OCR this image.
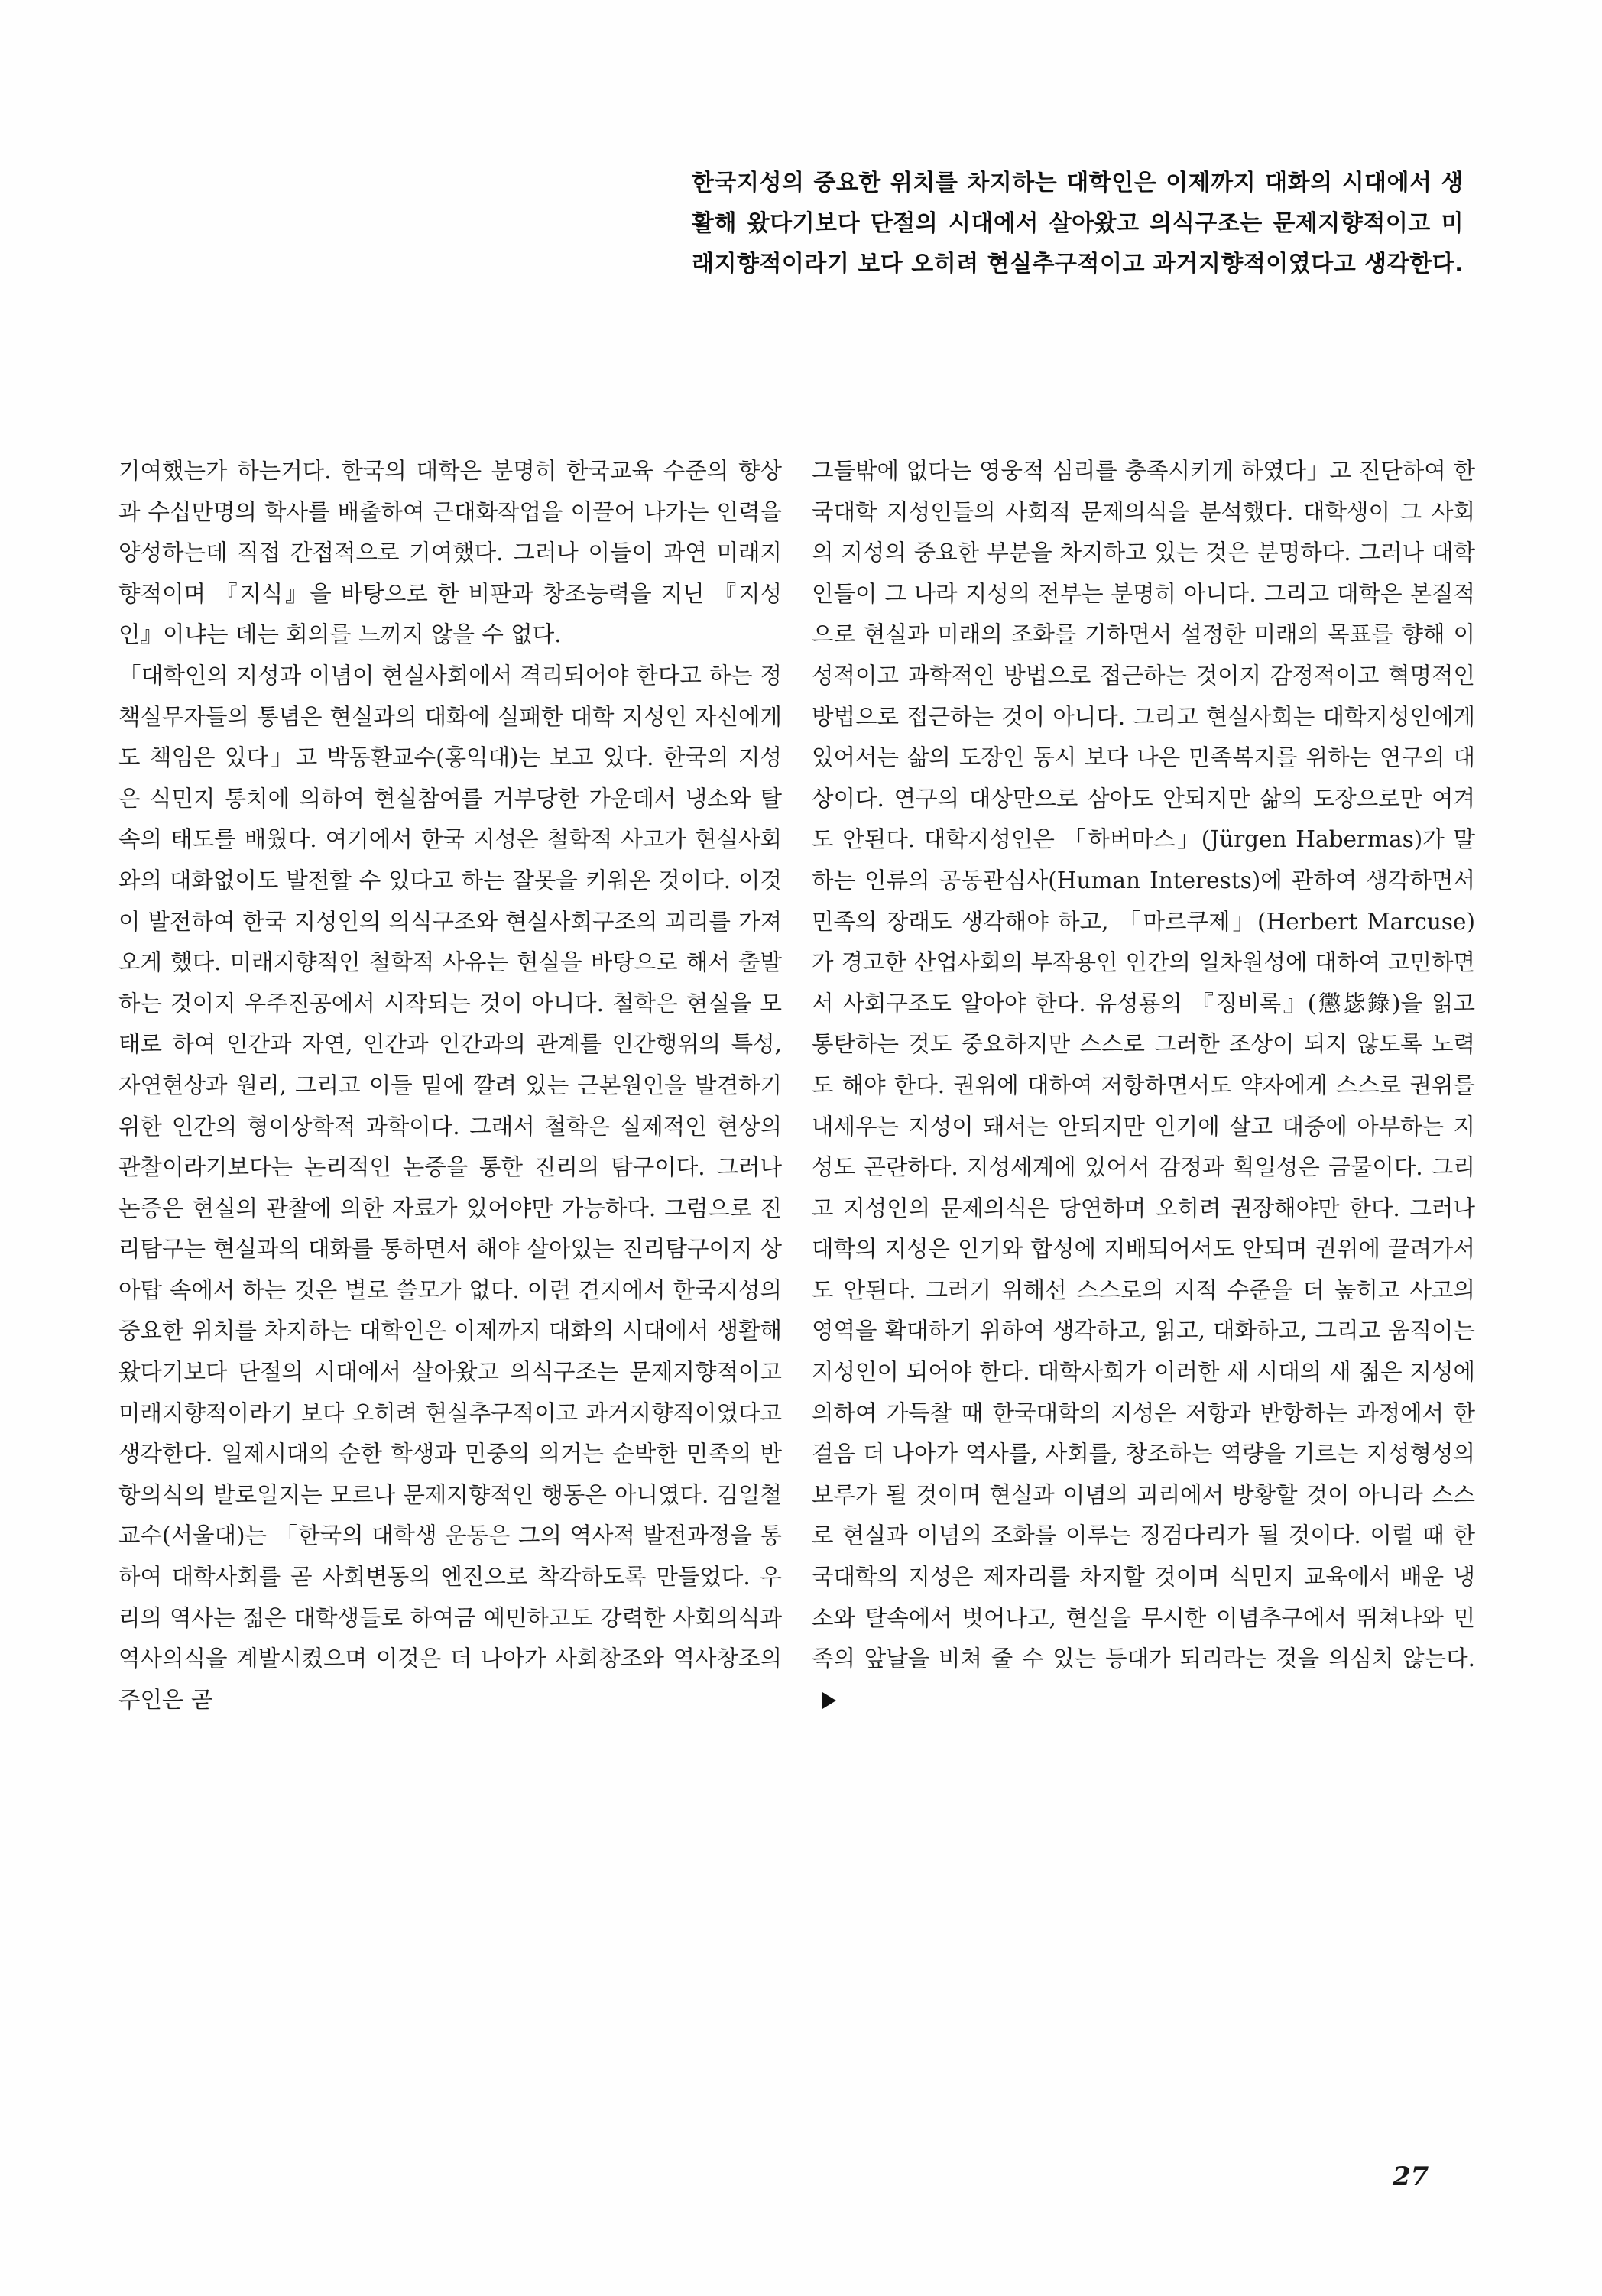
한국지성의 중요한 위치를 차지하는 대학인은 이제까지 대화의 시대에서 생활해 왔다기보다 단절의 시대에서 살아왔고 의식구조는 문제지향적이고 미래지향적이라기 보다 오히려 현실추구적이고 과거지향적이였다고 생각한다.

기여했는가 하는거다. 한국의 대학은 분명히 한국교육 수준의 향상과 수십만명의 학사를 배출하여 근대화작업을 이끌어 나가는 인력을 양성하는데 직접 간접적으로 기여했다. 그러나 이들이 과연 미래지향적이며 『지식』을 바탕으로 한 비판과 창조능력을 지닌 『지성인』이냐는 데는 회의를 느끼지 않을 수 없다.

「대학인의 지성과 이념이 현실사회에서 격리되어야 한다고 하는 정책실무자들의 통념은 현실과의 대화에 실패한 대학 지성인 자신에게도 책임은 있다」고 박동환교수(홍익대)는 보고 있다. 한국의 지성은 식민지 통치에 의하여 현실참여를 거부당한 가운데서 냉소와 탈속의 태도를 배웠다. 여기에서 한국 지성은 철학적 사고가 현실사회와의 대화없이도 발전할 수 있다고 하는 잘못을 키워온 것이다. 이것이 발전하여 한국 지성인의 의식구조와 현실사회구조의 괴리를 가져오게 했다. 미래지향적인 철학적 사유는 현실을 바탕으로 해서 출발하는 것이지 우주진공에서 시작되는 것이 아니다. 철학은 현실을 모태로 하여 인간과 자연, 인간과 인간과의 관계를 인간행위의 특성, 자연현상과 원리, 그리고 이들 밑에 깔려 있는 근본원인을 발견하기 위한 인간의 형이상학적 과학이다. 그래서 철학은 실제적인 현상의 관찰이라기보다는 논리적인 논증을 통한 진리의 탐구이다. 그러나 논증은 현실의 관찰에 의한 자료가 있어야만 가능하다. 그럼으로 진리탐구는 현실과의 대화를 통하면서 해야 살아있는 진리탐구이지 상아탑 속에서 하는 것은 별로 쓸모가 없다. 이런 견지에서 한국지성의 중요한 위치를 차지하는 대학인은 이제까지 대화의 시대에서 생활해 왔다기보다 단절의 시대에서 살아왔고 의식구조는 문제지향적이고 미래지향적이라기 보다 오히려 현실추구적이고 과거지향적이였다고 생각한다. 일제시대의 순한 학생과 민중의 의거는 순박한 민족의 반항의식의 발로일지는 모르나 문제지향적인 행동은 아니였다. 김일철교수(서울대)는 「한국의 대학생 운동은 그의 역사적 발전과정을 통하여 대학사회를 곧 사회변동의 엔진으로 착각하도록 만들었다. 우리의 역사는 젊은 대학생들로 하여금 예민하고도 강력한 사회의식과 역사의식을 계발시켰으며 이것은 더 나아가 사회창조와 역사창조의 주인은 곧

그들밖에 없다는 영웅적 심리를 충족시키게 하였다」고 진단하여 한국대학 지성인들의 사회적 문제의식을 분석했다. 대학생이 그 사회의 지성의 중요한 부분을 차지하고 있는 것은 분명하다. 그러나 대학인들이 그 나라 지성의 전부는 분명히 아니다. 그리고 대학은 본질적으로 현실과 미래의 조화를 기하면서 설정한 미래의 목표를 향해 이성적이고 과학적인 방법으로 접근하는 것이지 감정적이고 혁명적인 방법으로 접근하는 것이 아니다. 그리고 현실사회는 대학지성인에게 있어서는 삶의 도장인 동시 보다 나은 민족복지를 위하는 연구의 대상이다. 연구의 대상만으로 삼아도 안되지만 삶의 도장으로만 여겨도 안된다. 대학지성인은 「하버마스」(Jürgen Habermas)가 말하는 인류의 공동관심사(Human Interests)에 관하여 생각하면서 민족의 장래도 생각해야 하고, 「마르쿠제」(Herbert Marcuse)가 경고한 산업사회의 부작용인 인간의 일차원성에 대하여 고민하면서 사회구조도 알아야 한다. 유성룡의 『징비록』(懲毖錄)을 읽고 통탄하는 것도 중요하지만 스스로 그러한 조상이 되지 않도록 노력도 해야 한다. 권위에 대하여 저항하면서도 약자에게 스스로 권위를 내세우는 지성이 돼서는 안되지만 인기에 살고 대중에 아부하는 지성도 곤란하다. 지성세계에 있어서 감정과 획일성은 금물이다. 그리고 지성인의 문제의식은 당연하며 오히려 권장해야만 한다. 그러나 대학의 지성은 인기와 합성에 지배되어서도 안되며 권위에 끌려가서도 안된다. 그러기 위해선 스스로의 지적 수준을 더 높히고 사고의 영역을 확대하기 위하여 생각하고, 읽고, 대화하고, 그리고 움직이는 지성인이 되어야 한다. 대학사회가 이러한 새 시대의 새 젊은 지성에 의하여 가득찰 때 한국대학의 지성은 저항과 반항하는 과정에서 한걸음 더 나아가 역사를, 사회를, 창조하는 역량을 기르는 지성형성의 보루가 될 것이며 현실과 이념의 괴리에서 방황할 것이 아니라 스스로 현실과 이념의 조화를 이루는 징검다리가 될 것이다. 이럴 때 한국대학의 지성은 제자리를 차지할 것이며 식민지 교육에서 배운 냉소와 탈속에서 벗어나고, 현실을 무시한 이념추구에서 뛰쳐나와 민족의 앞날을 비쳐 줄 수 있는 등대가 되리라는 것을 의심치 않는다.

27
